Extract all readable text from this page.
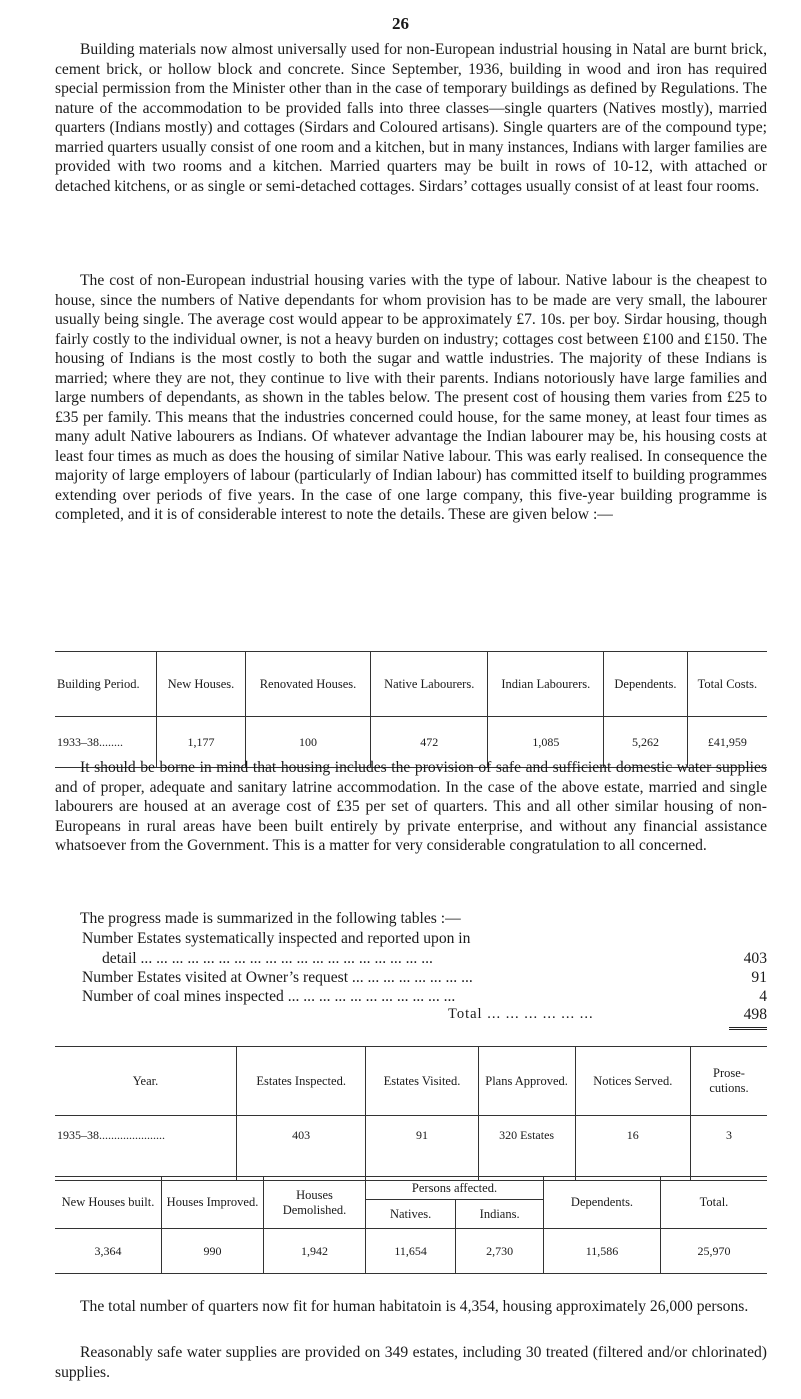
26

Building materials now almost universally used for non-European industrial housing in Natal are burnt brick, cement brick, or hollow block and concrete. Since September, 1936, building in wood and iron has required special permission from the Minister other than in the case of temporary buildings as defined by Regulations. The nature of the accommodation to be provided falls into three classes—single quarters (Natives mostly), married quarters (Indians mostly) and cottages (Sirdars and Coloured artisans). Single quarters are of the compound type; married quarters usually consist of one room and a kitchen, but in many instances, Indians with larger families are provided with two rooms and a kitchen. Married quarters may be built in rows of 10-12, with attached or detached kitchens, or as single or semi-detached cottages. Sirdars’ cottages usually consist of at least four rooms.

The cost of non-European industrial housing varies with the type of labour. Native labour is the cheapest to house, since the numbers of Native dependants for whom provision has to be made are very small, the labourer usually being single. The average cost would appear to be approximately £7. 10s. per boy. Sirdar housing, though fairly costly to the individual owner, is not a heavy burden on industry; cottages cost between £100 and £150. The housing of Indians is the most costly to both the sugar and wattle industries. The majority of these Indians is married; where they are not, they continue to live with their parents. Indians notoriously have large families and large numbers of dependants, as shown in the tables below. The present cost of housing them varies from £25 to £35 per family. This means that the industries concerned could house, for the same money, at least four times as many adult Native labourers as Indians. Of whatever advantage the Indian labourer may be, his housing costs at least four times as much as does the housing of similar Native labour. This was early realised. In consequence the majority of large employers of labour (particularly of Indian labour) has committed itself to building programmes extending over periods of five years. In the case of one large company, this five-year building programme is completed, and it is of considerable interest to note the details. These are given below :—

Building Period.	New Houses.	Renovated Houses.	Native Labourers.	Indian Labourers.	Dependents.	Total Costs.
1933–38........	1,177	100	472	1,085	5,262	£41,959

It should be borne in mind that housing includes the provision of safe and sufficient domestic water supplies and of proper, adequate and sanitary latrine accommodation. In the case of the above estate, married and single labourers are housed at an average cost of £35 per set of quarters. This and all other similar housing of non-Europeans in rural areas have been built entirely by private enterprise, and without any financial assistance whatsoever from the Government. This is a matter for very considerable congratulation to all concerned.

The progress made is summarized in the following tables :—

Number Estates systematically inspected and reported upon in
detail ... ... ... ... ... ... ... ... ... ... ... ... ... ... ... ... ... ... ...	403
Number Estates visited at Owner’s request ... ... ... ... ... ... ... ...	91
Number of coal mines inspected ... ... ... ... ... ... ... ... ... ... ...	4
Total ... ... ... ... ... ...	498
Year.	Estates Inspected.	Estates Visited.	Plans Approved.	Notices Served.	Prose- cutions.
1935–38......................	403	91	320 Estates	16	3
New Houses built.	Houses Improved.	Houses Demolished.	Persons affected.		Dependents.	Total.
			Natives.	Indians.		
3,364	990	1,942	11,654	2,730	11,586	25,970

The total number of quarters now fit for human habitatoin is 4,354, housing approximately 26,000 persons.

Reasonably safe water supplies are provided on 349 estates, including 30 treated (filtered and/or chlorinated) supplies.
